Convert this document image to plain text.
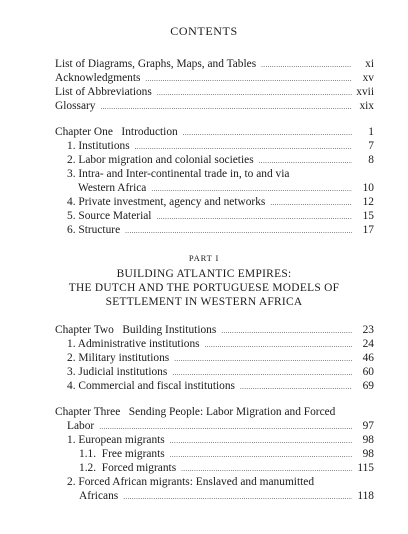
CONTENTS
List of Diagrams, Graphs, Maps, and Tables .....	xi
Acknowledgments .....	xv
List of Abbreviations .....	xvii
Glossary .....	xix
Chapter One   Introduction .....	1
1. Institutions .....	7
2. Labor migration and colonial societies .....	8
3. Intra- and Inter-continental trade in, to and via
Western Africa .....	10
4. Private investment, agency and networks .....	12
5. Source Material .....	15
6. Structure .....	17
PART I
BUILDING ATLANTIC EMPIRES:
THE DUTCH AND THE PORTUGUESE MODELS OF
SETTLEMENT IN WESTERN AFRICA
Chapter Two   Building Institutions .....	23
1. Administrative institutions .....	24
2. Military institutions .....	46
3. Judicial institutions .....	60
4. Commercial and fiscal institutions .....	69
Chapter Three   Sending People: Labor Migration and Forced
Labor .....	97
1. European migrants .....	98
1.1.  Free migrants .....	98
1.2.  Forced migrants .....	115
2. Forced African migrants: Enslaved and manumitted
Africans .....	118
